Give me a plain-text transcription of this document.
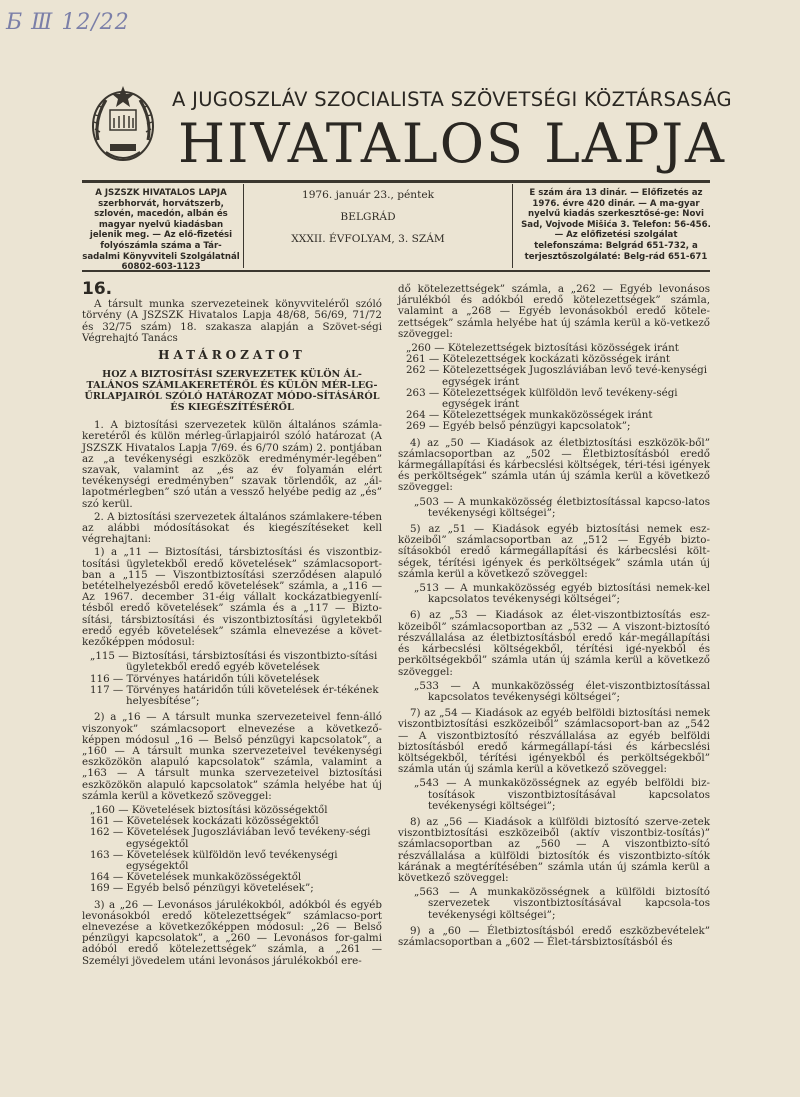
Б Ⅲ 12/22
A JUGOSZLÁV SZOCIALISTA SZÖVETSÉGI KÖZTÁRSASÁG
HIVATALOS LAPJA
A JSZSZK HIVATALOS LAPJA szerbhorvát, horvátszerb, szlovén, macedón, albán és magyar nyelvű kiadásban jelenik meg. — Az elő-fizetési folyószámla száma a Tár-sadalmi Könyvviteli Szolgálatnál 60802-603-1123
1976. január 23., péntek
BELGRÁD
XXXII. ÉVFOLYAM, 3. SZÁM
E szám ára 13 dinár. — Előfizetés az 1976. évre 420 dinár. — A ma-gyar nyelvű kiadás szerkesztősé-ge: Novi Sad, Vojvode Mišića 3. Telefon: 56-456. — Az előfizetési szolgálat telefonszáma: Belgrád 651-732, a terjesztőszolgálaté: Belg-rád 651-671

16.

A társult munka szervezeteinek könyvviteléről szóló törvény (A JSZSZK Hivatalos Lapja 48/68, 56/69, 71/72 és 32/75 szám) 18. szakasza alapján a Szövet-ségi Végrehajtó Tanács

HATÁROZATOT

HOZ A BIZTOSÍTÁSI SZERVEZETEK KÜLÖN ÁL-TALÁNOS SZÁMLAKERETÉRŐL ÉS KÜLÖN MÉR-LEG-ŰRLAPJAIRÓL SZÓLÓ HATÁROZAT MÓDO-SÍTÁSÁRÓL ÉS KIEGÉSZÍTÉSÉRŐL

1. A biztosítási szervezetek külön általános számla-keretéről és külön mérleg-űrlapjairól szóló határozat (A JSZSZK Hivatalos Lapja 7/69. és 6/70 szám) 2. pontjában az „a tevékenységi eszközök eredménymér-legében” szavak, valamint az „és az év folyamán elért tevékenységi eredményben” szavak törlendők, az „ál-lapotmérlegben” szó után a vessző helyébe pedig az „és” szó kerül.

2. A biztosítási szervezetek általános számlakere-tében az alábbi módosításokat és kiegészítéseket kell végrehajtani:

1) a „11 — Biztosítási, társbiztosítási és viszontbiz-tosítási ügyletekből eredő követelések” számlacsoport-ban a „115 — Viszontbiztosítási szerződésen alapuló betételhelyezésből eredő követelések” számla, a „116 — Az 1967. december 31-éig vállalt kockázatbiegyenlí-tésből eredő követelések” számla és a „117 — Bizto-sítási, társbiztosítási és viszontbiztosítási ügyletekből eredő egyéb követelések” számla elnevezése a követ-kezőképpen módosul:

„115 — Biztosítási, társbiztosítási és viszontbizto-sítási ügyletekből eredő egyéb követelések
116 — Törvényes határidőn túli követelések
117 — Törvényes határidőn túli követelések ér-tékének helyesbítése”;

2) a „16 — A társult munka szervezeteivel fenn-álló viszonyok” számlacsoport elnevezése a következő-képpen módosul „16 — Belső pénzügyi kapcsolatok”, a „160 — A társult munka szervezeteivel tevékenységi eszközökön alapuló kapcsolatok” számla, valamint a „163 — A társult munka szervezeteivel biztosítási eszközökön alapuló kapcsolatok” számla helyébe hat új számla kerül a következő szöveggel:

„160 — Követelések biztosítási közösségektől
161 — Követelések kockázati közösségektől
162 — Követelések Jugoszláviában levő tevékeny-ségi egységektől
163 — Követelések külföldön levő tevékenységi egységektől
164 — Követelések munkaközösségektől
169 — Egyéb belső pénzügyi követelések”;

3) a „26 — Levonásos járulékokból, adókból és egyéb levonásokból eredő kötelezettségek” számlacso-port elnevezése a következőképpen módosul: „26 — Belső pénzügyi kapcsolatok”, a „260 — Levonásos for-galmi adóból eredő kötelezettségek” számla, a „261 — Személyi jövedelem utáni levonásos járulékokból ere-

dő kötelezettségek” számla, a „262 — Egyéb levonásos járulékból és adókból eredő kötelezettségek” számla, valamint a „268 — Egyéb levonásokból eredő kötele-zettségek” számla helyébe hat új számla kerül a kö-vetkező szöveggel:

„260 — Kötelezettségek biztosítási közösségek iránt
261 — Kötelezettségek kockázati közösségek iránt
262 — Kötelezettségek Jugoszláviában levő tevé-kenységi egységek iránt
263 — Kötelezettségek külföldön levő tevékeny-ségi egységek iránt
264 — Kötelezettségek munkaközösségek iránt
269 — Egyéb belső pénzügyi kapcsolatok”;

4) az „50 — Kiadások az életbiztosítási eszközök-ből” számlacsoportban az „502 — Életbiztosításból eredő kármegállapítási és kárbecslési költségek, téri-tési igények és perköltségek” számla után új számla kerül a következő szöveggel:

„503 — A munkaközösség életbiztosítással kapcso-latos tevékenységi költségei”;

5) az „51 — Kiadások egyéb biztosítási nemek esz-közeiből” számlacsoportban az „512 — Egyéb bizto-sításokból eredő kármegállapítási és kárbecslési költ-ségek, térítési igények és perköltségek” számla után új számla kerül a következő szöveggel:

„513 — A munkaközösség egyéb biztosítási nemek-kel kapcsolatos tevékenységi költségei”;

6) az „53 — Kiadások az élet-viszontbiztosítás esz-közeiből” számlacsoportban az „532 — A viszont-biztosító részvállalása az életbiztosításból eredő kár-megállapítási és kárbecslési költségekből, térítési igé-nyekből és perköltségekből” számla után új számla kerül a következő szöveggel:

„533 — A munkaközösség élet-viszontbiztosítással kapcsolatos tevékenységi költségei”;

7) az „54 — Kiadások az egyéb belföldi biztosítási nemek viszontbiztosítási eszközeiből” számlacsoport-ban az „542 — A viszontbiztosító részvállalása az egyéb belföldi biztosításból eredő kármegállapí-tási és kárbecslési költségekből, térítési igényekből és perköltségekből” számla után új számla kerül a következő szöveggel:

„543 — A munkaközösségnek az egyéb belföldi biz-tosítások viszontbiztosításával kapcsolatos tevékenységi költségei”;

8) az „56 — Kiadások a külföldi biztosító szerve-zetek viszontbiztosítási eszközeiből (aktív viszontbiz-tosítás)” számlacsoportban az „560 — A viszontbizto-sító részvállalása a külföldi biztosítók és viszontbizto-sítók kárának a megtérítésében” számla után új számla kerül a következő szöveggel:

„563 — A munkaközösségnek a külföldi biztosító szervezetek viszontbiztosításával kapcsola-tos tevékenységi költségei”;

9) a „60 — Életbiztosításból eredő eszközbevételek” számlacsoportban a „602 — Élet-társbiztosításból és
